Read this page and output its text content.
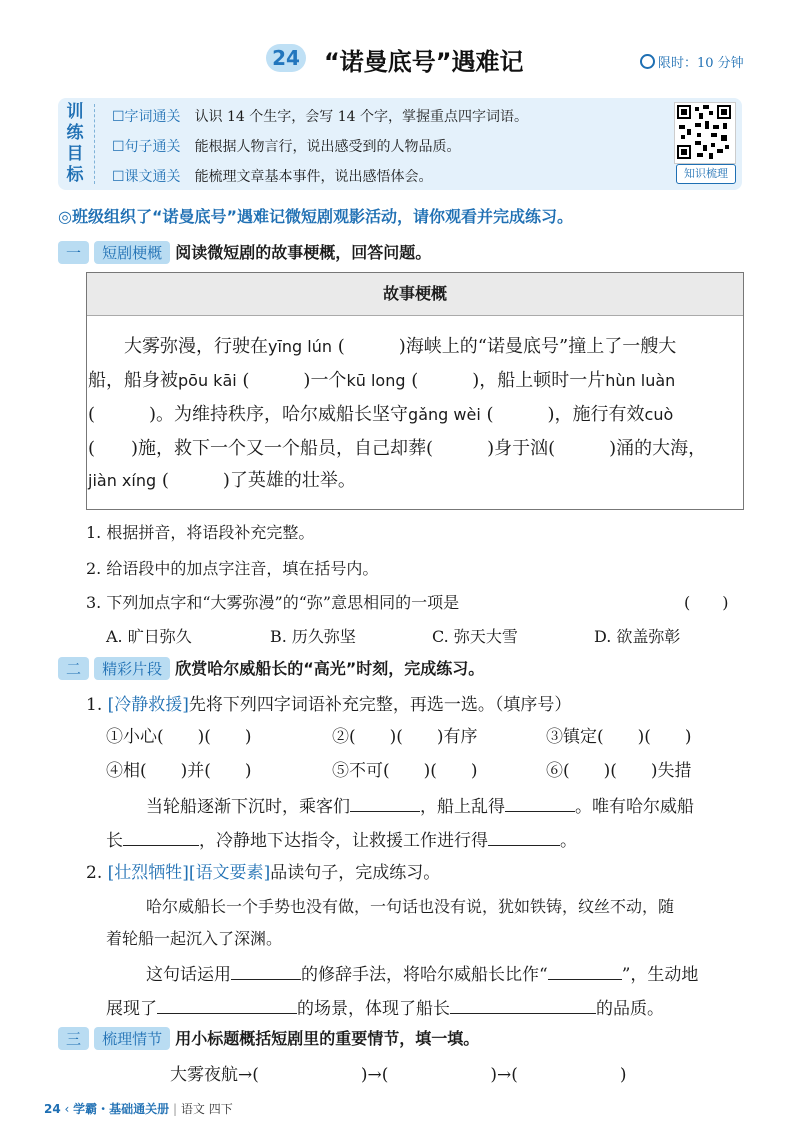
24 “诺曼底号”遇难记	限时：10 分钟
训
练
目
标
☐字词通关　 认识 14 个生字，会写 14 个字，掌握重点四字词语。
☐句子通关　 能根据人物言行，说出感受到的人物品质。
☐课文通关　 能梳理文章基本事件，说出感悟体会。	知识梳理
◎班级组织了“诺曼底号”遇难记微短剧观影活动，请你观看并完成练习。
一 短剧梗概 阅读微短剧的故事梗概，回答问题。
故事梗概
大雾弥漫，行驶在yīng lún (　　　)海峡上的“诺曼底号”撞上了一艘大
船，船身被pōu kāi (　　　)一个kū long (　　　)，船上顿时一片hùn luàn
(　　　)。为维持秩序，哈尔威船长坚守gǎng wèi (　　　)，施行有效cuò
(　　)施，救下一个又一个船员，自己却葬(　　　)身于汹(　　　)涌的大海，
jiàn xíng (　　　)了英雄的壮举。
1. 根据拼音，将语段补充完整。
2. 给语段中的加点字注音，填在括号内。
3. 下列加点字和“大雾弥漫”的“弥”意思相同的一项是	(　　)
A. 旷日弥久	B. 历久弥坚	C. 弥天大雪	D. 欲盖弥彰
二 精彩片段 欣赏哈尔威船长的“高光”时刻，完成练习。
1. [冷静救援]先将下列四字词语补充完整，再选一选。（填序号）
①小心(　　 )(　　 )	②(　　 )(　　 )有序	③镇定(　　 )(　　 )
④相(　　 )并(　　 )	⑤不可(　　 )(　　 )	⑥(　　 )(　　 )失措
当轮船逐渐下沉时，乘客们	，船上乱得	。唯有哈尔威船
长	，冷静地下达指令，让救援工作进行得	。
2. [壮烈牺牲][语文要素]品读句子，完成练习。
哈尔威船长一个手势也没有做，一句话也没有说，犹如铁铸，纹丝不动，随
着轮船一起沉入了深渊。
这句话运用	的修辞手法，将哈尔威船长比作“	”，生动地
展现了	的场景，体现了船长	的品质。
三 梳理情节 用小标题概括短剧里的重要情节，填一填。
大雾夜航→(　　　　　　	)→(　　　　　　	)→(　　　　　　	)
24 ‹ 学霸・基础通关册 | 语文 四下
